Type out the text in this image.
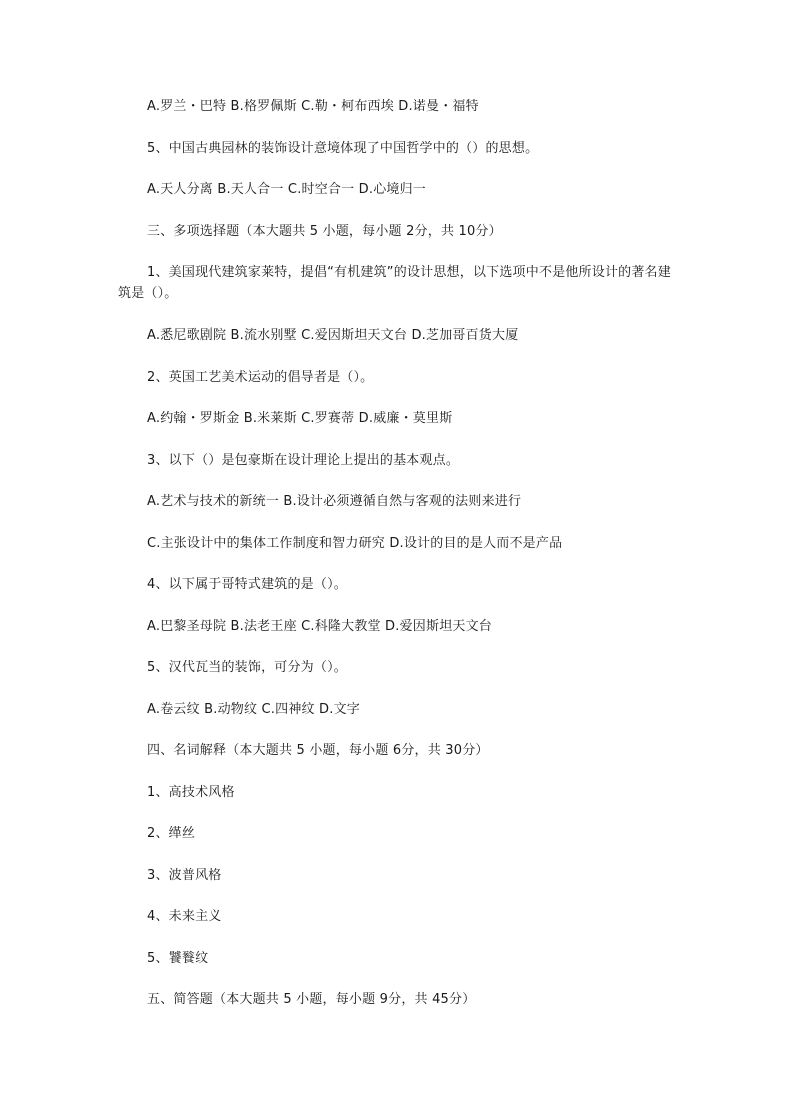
A.罗兰・巴特 B.格罗佩斯 C.勒・柯布西埃 D.诺曼・福特
5、中国古典园林的装饰设计意境体现了中国哲学中的（）的思想。
A.天人分离 B.天人合一 C.时空合一 D.心境归一
三、多项选择题（本大题共 5 小题，每小题 2分，共 10分）
1、美国现代建筑家莱特，提倡“有机建筑”的设计思想，以下选项中不是他所设计的著名建筑是（）。
A.悉尼歌剧院 B.流水别墅 C.爱因斯坦天文台 D.芝加哥百货大厦
2、英国工艺美术运动的倡导者是（）。
A.约翰・罗斯金 B.米莱斯 C.罗赛蒂 D.威廉・莫里斯
3、以下（）是包豪斯在设计理论上提出的基本观点。
A.艺术与技术的新统一 B.设计必须遵循自然与客观的法则来进行
C.主张设计中的集体工作制度和智力研究 D.设计的目的是人而不是产品
4、以下属于哥特式建筑的是（）。
A.巴黎圣母院 B.法老王座 C.科隆大教堂 D.爱因斯坦天文台
5、汉代瓦当的装饰，可分为（）。
A.卷云纹 B.动物纹 C.四神纹 D.文字
四、名词解释（本大题共 5 小题，每小题 6分，共 30分）
1、高技术风格
2、缂丝
3、波普风格
4、未来主义
5、饕餮纹
五、简答题（本大题共 5 小题，每小题 9分，共 45分）
